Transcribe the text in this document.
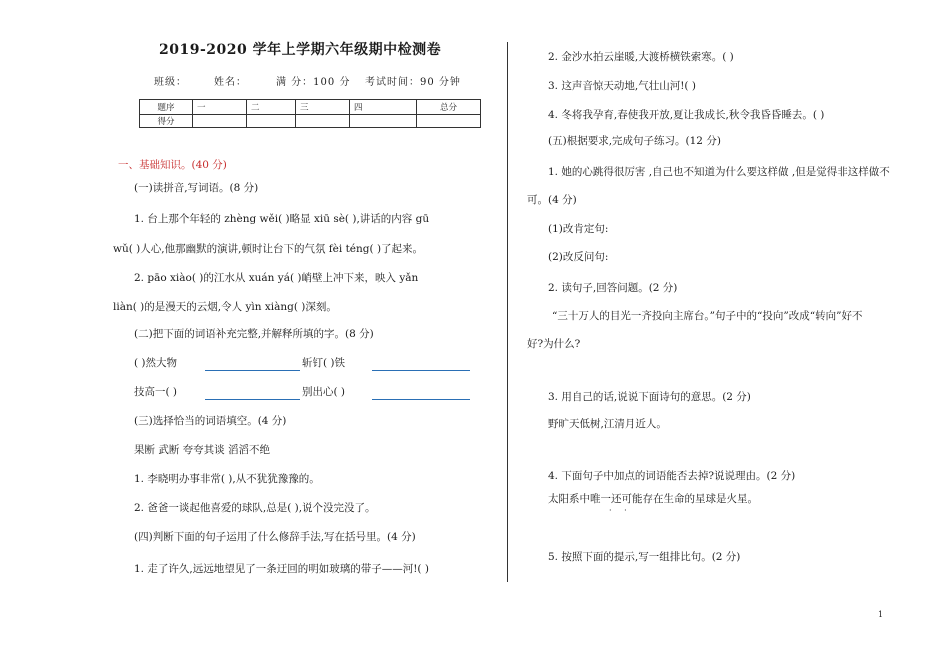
2019-2020 学年上学期六年级期中检测卷
班级：	姓名：	满 分：100 分 考试时间：90 分钟
题序	一	二	三	四	总分
得分					
一、基础知识。(40 分)
(一)读拼音,写词语。(8 分)
1. 台上那个年轻的 zhèng wěi( )略显 xiū sè( ),讲话的内容 gū
wǔ( )人心,他那幽默的演讲,顿时让台下的气氛 fèi téng( )了起来。
2. pāo xiào( )的江水从 xuán yá( )峭壁上冲下来，映入 yǎn
liàn( )的是漫天的云烟,令人 yìn xiàng( )深刻。
(二)把下面的词语补充完整,并解释所填的字。(8 分)
( )然大物	斩钉( )铁
技高一( )	别出心( )
(三)选择恰当的词语填空。(4 分)
果断 武断 夸夸其谈 滔滔不绝
1. 李晓明办事非常( ),从不犹犹豫豫的。
2. 爸爸一谈起他喜爱的球队,总是( ),说个没完没了。
(四)判断下面的句子运用了什么修辞手法,写在括号里。(4 分)
1. 走了许久,远远地望见了一条迂回的明如玻璃的带子——河!( )
2. 金沙水拍云崖暖,大渡桥横铁索寒。( )
3. 这声音惊天动地,气壮山河!( )
4. 冬将我孕育,春使我开放,夏让我成长,秋令我昏昏睡去。( )
(五)根据要求,完成句子练习。(12 分)
1. 她的心跳得很厉害 ,自己也不知道为什么要这样做 ,但是觉得非这样做不
可。(4 分)
(1)改肯定句:
(2)改反问句:
2. 读句子,回答问题。(2 分)
“三十万人的目光一齐投向主席台。”句子中的“投向”改成“转向”好不
好?为什么?
3. 用自己的话,说说下面诗句的意思。(2 分)
野旷天低树,江清月近人。
4. 下面句子中加点的词语能否去掉?说说理由。(2 分)
太阳系中唯一还可能存在生命的星球是火星。
· ·
5. 按照下面的提示,写一组排比句。(2 分)
1
